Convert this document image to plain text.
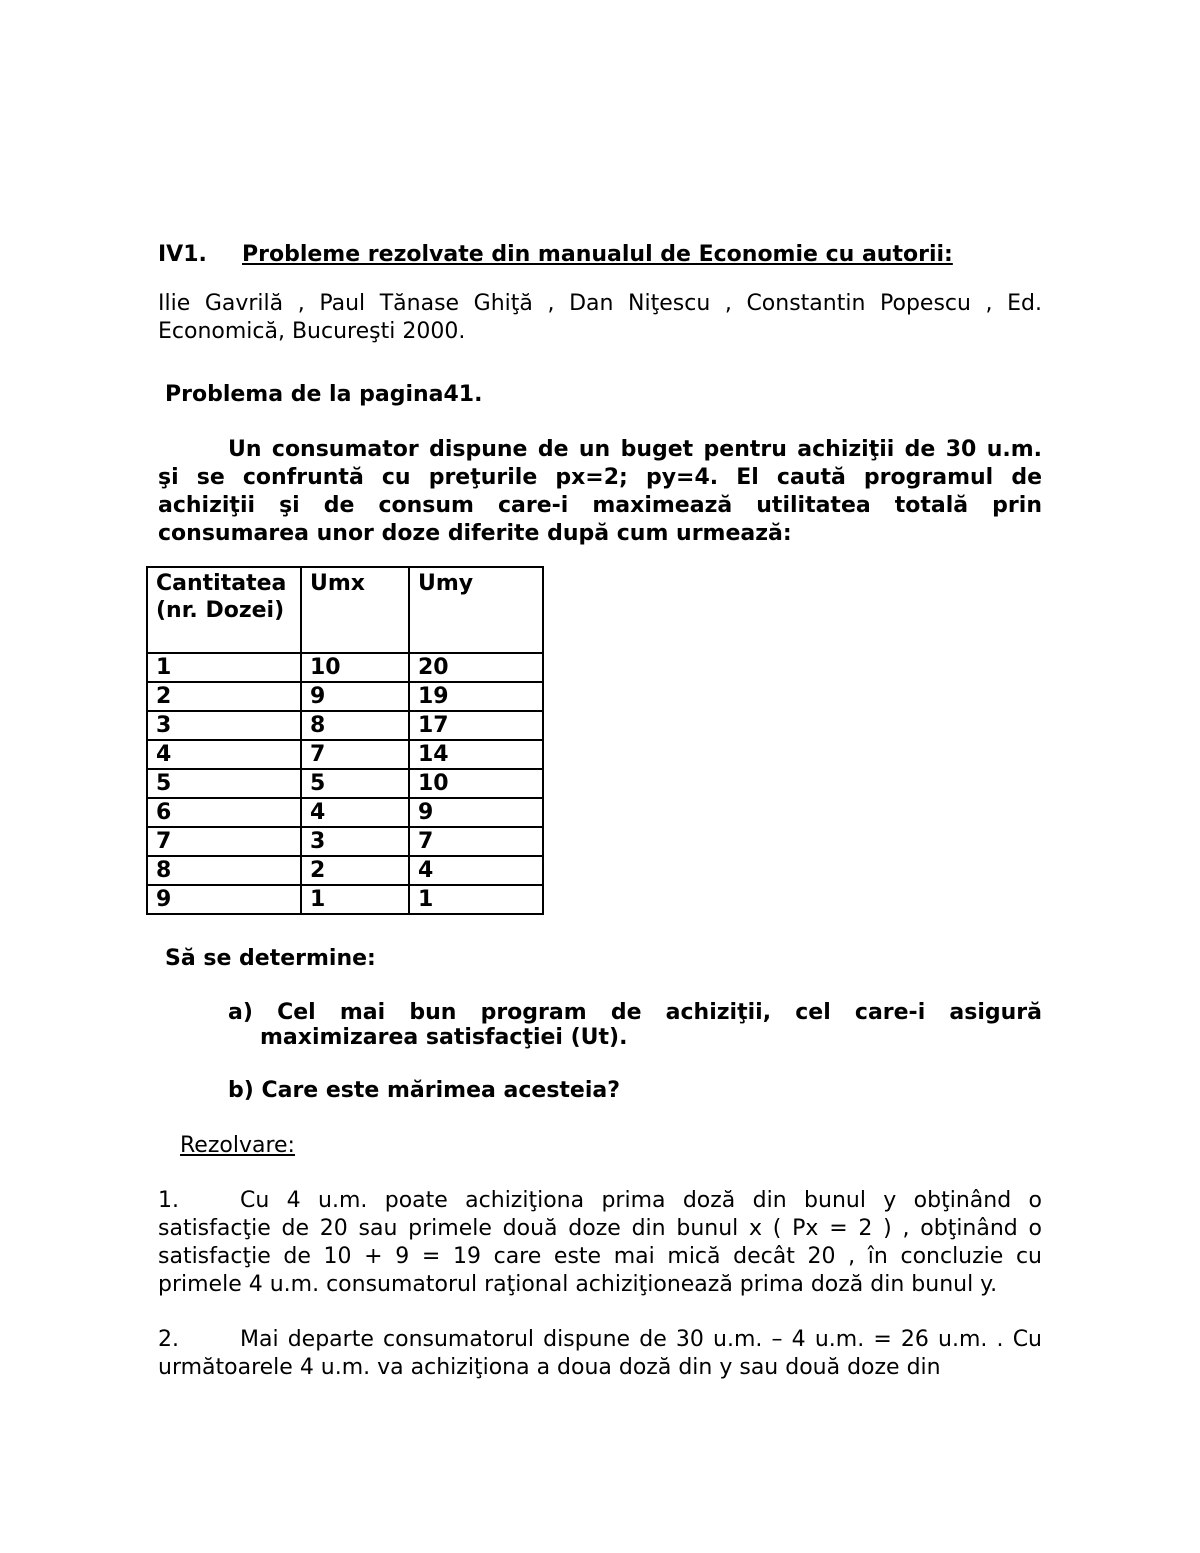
IV1.	Probleme rezolvate din manualul de Economie cu autorii:

Ilie Gavrilă , Paul Tănase Ghiţă , Dan Niţescu , Constantin Popescu , Ed. Economică, Bucureşti 2000.

Problema de la pagina41.

Un consumator dispune de un buget pentru achiziţii de 30 u.m. şi se confruntă cu preţurile px=2; py=4. El caută programul de achiziţii şi de consum care-i maximează utilitatea totală prin consumarea unor doze diferite după cum urmează:

Cantitatea (nr. Dozei)	Umx	Umy
1	10	20
2	9	19
3	8	17
4	7	14
5	5	10
6	4	9
7	3	7
8	2	4
9	1	1

Să se determine:

a) Cel mai bun program de achiziţii, cel care-i asigură
maximizarea satisfacţiei (Ut).

b) Care este mărimea acesteia?

Rezolvare:

1.	Cu 4 u.m. poate achiziţiona prima doză din bunul y obţinând o satisfacţie de 20 sau primele două doze din bunul x ( Px = 2 ) , obţinând o satisfacţie de 10 + 9 = 19 care este mai mică decât 20 , în concluzie cu primele 4 u.m. consumatorul raţional achiziţionează prima doză din bunul y.

2.	Mai departe consumatorul dispune de 30 u.m. – 4 u.m. = 26 u.m. . Cu următoarele 4 u.m. va achiziţiona a doua doză din y sau două doze din
